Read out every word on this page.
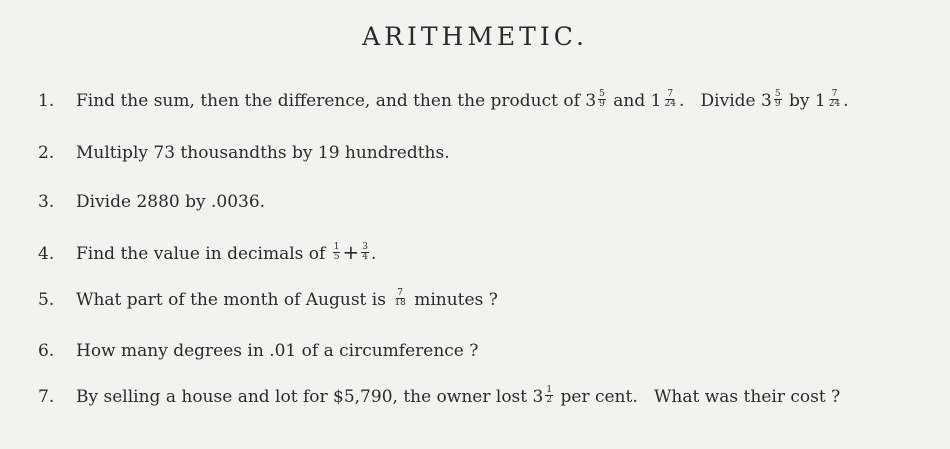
ARITHMETIC.
1. Find the sum, then the difference, and then the product of $3 \frac{5}{9}$ and $1 \frac{7}{24}$ .   Divide $3 \frac{5}{9}$ by $1 \frac{7}{24}$ .
2. Multiply 73 thousandths by 19 hundredths.
3. Divide 2880 by .0036.
4. Find the value in decimals of $\frac{1}{5} + \frac{3}{4}$ .
5. What part of the month of August is $\frac{7}{18}$ minutes ?
6. How many degrees in .01 of a circumference ?
7. By selling a house and lot for $5,790, the owner lost $3 \frac{1}{2}$ per cent.   What was their cost ?
